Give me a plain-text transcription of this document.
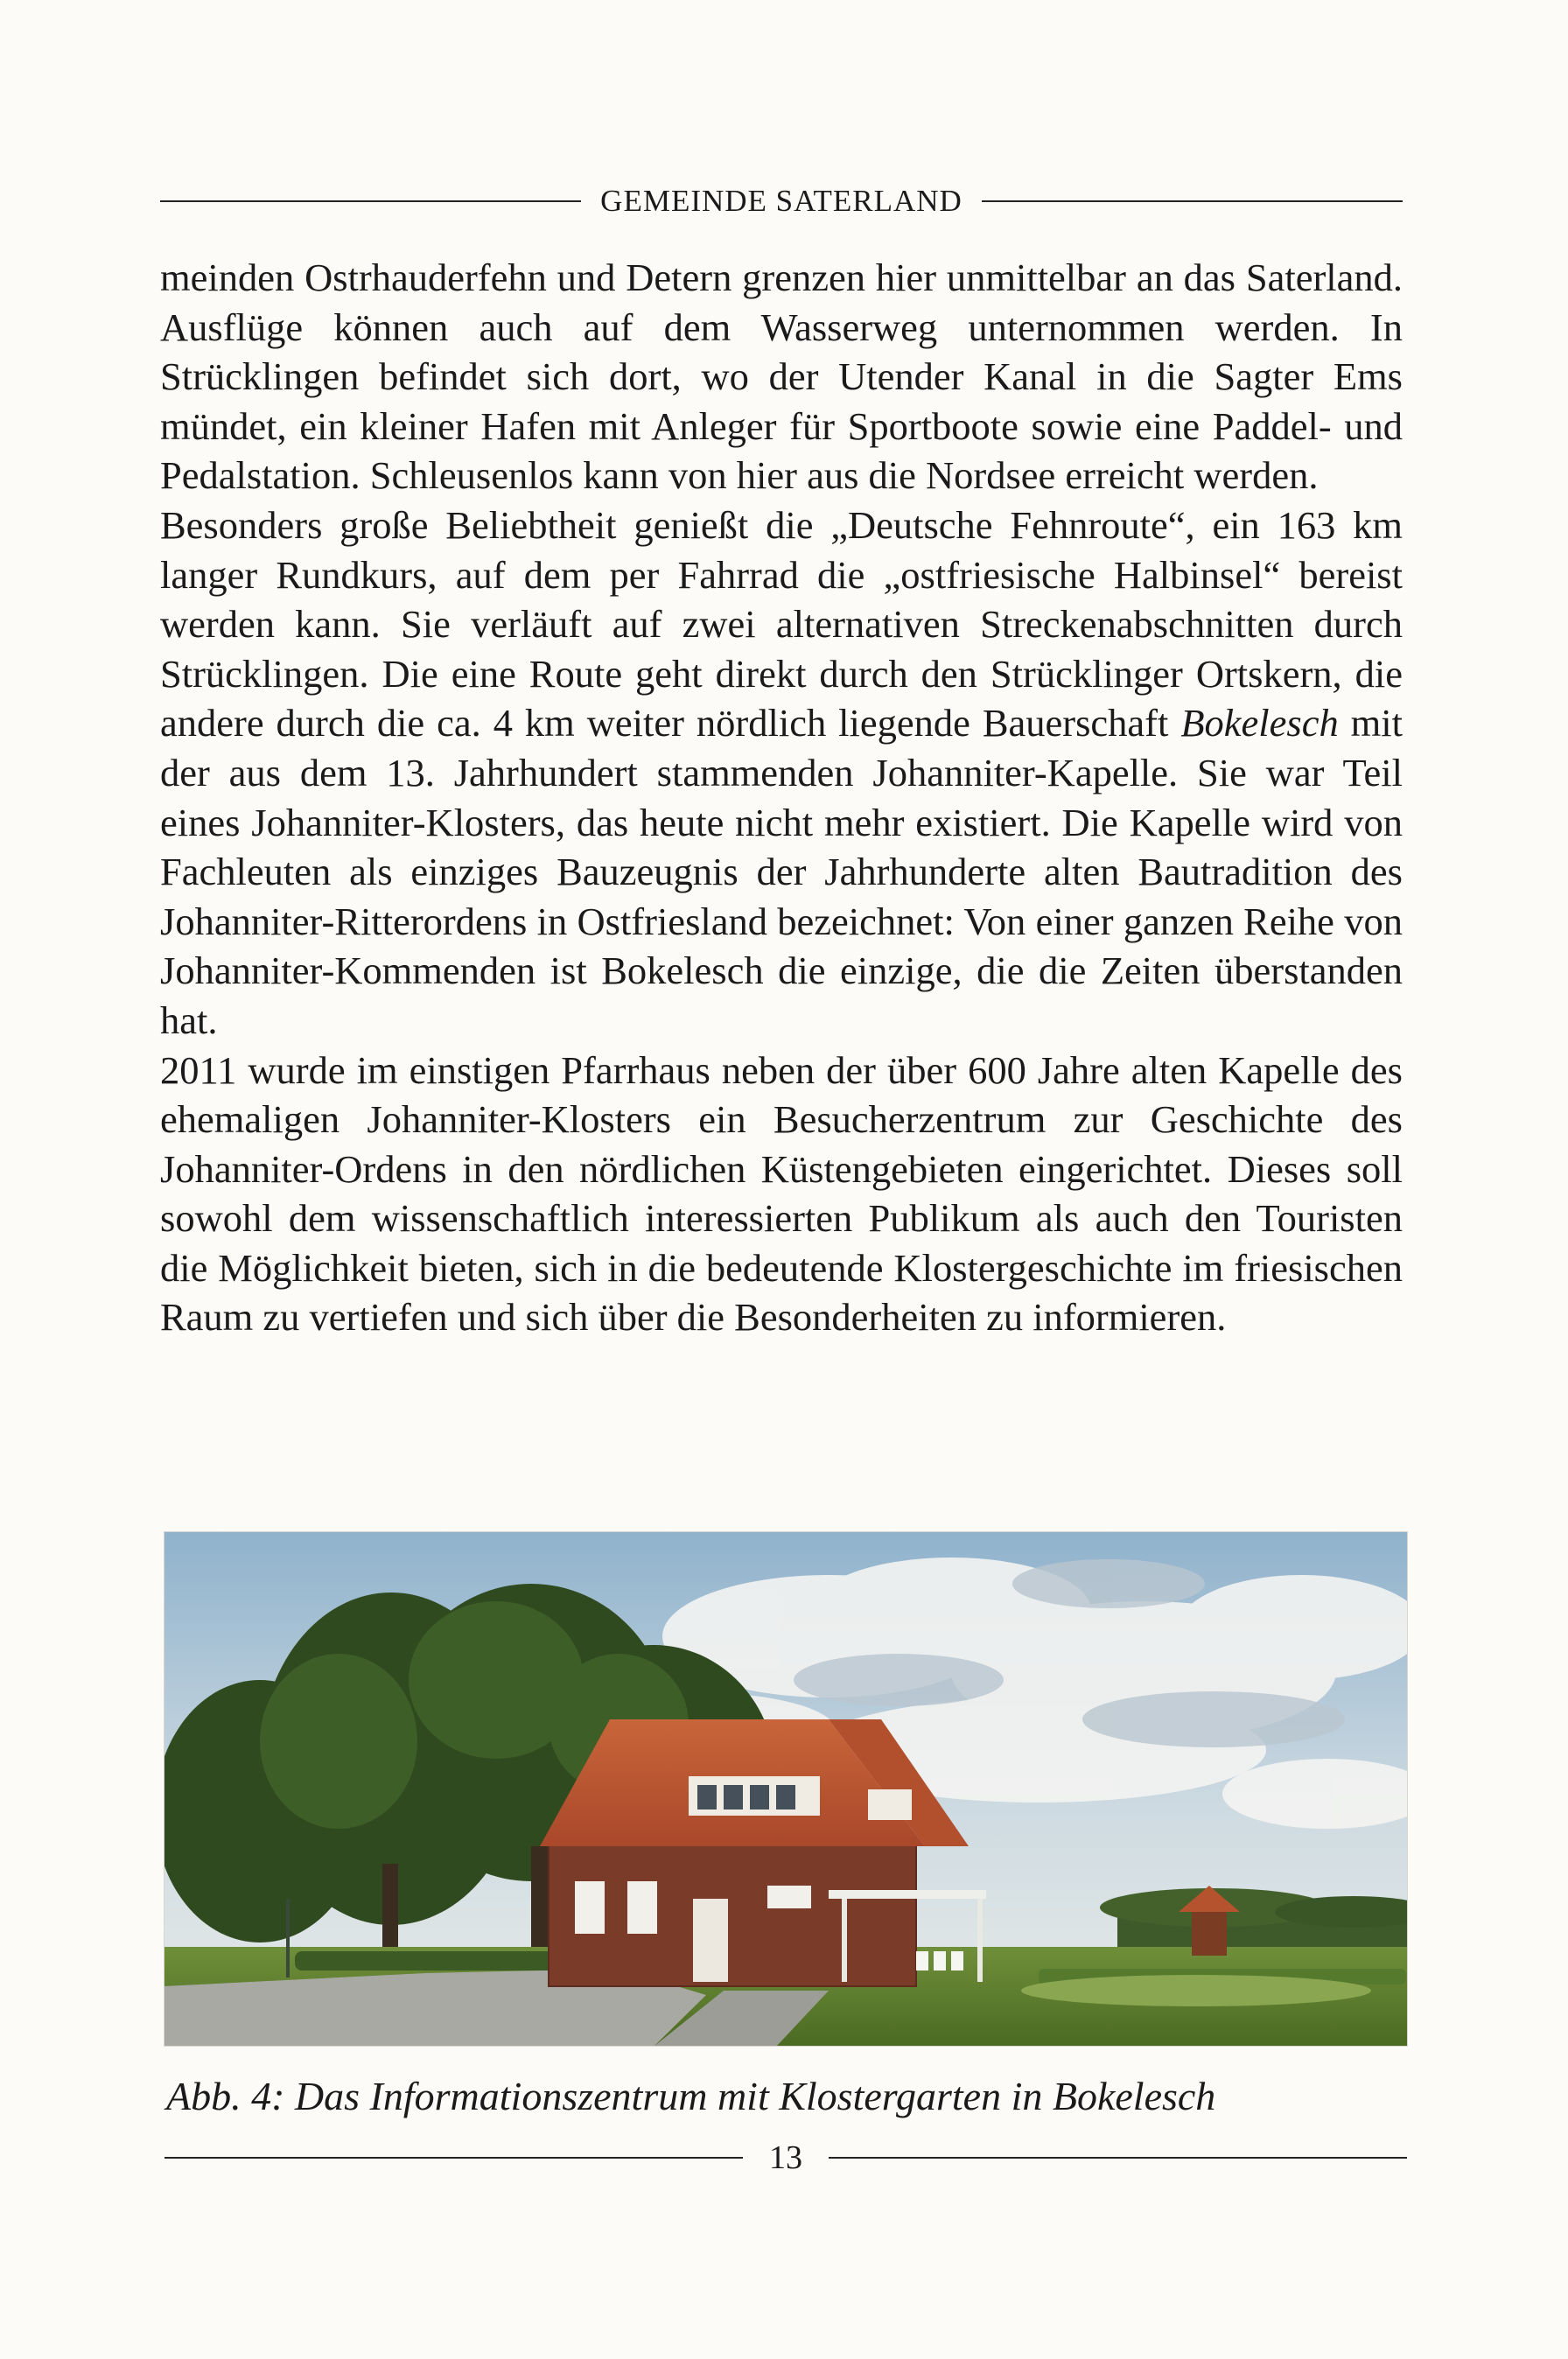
GEMEINDE SATERLAND

meinden Ostrhauderfehn und Detern grenzen hier unmittelbar an das Saterland. Ausflüge können auch auf dem Wasserweg unternommen werden. In Strücklingen befindet sich dort, wo der Utender Kanal in die Sagter Ems mündet, ein kleiner Hafen mit Anleger für Sportboote sowie eine Paddel- und Pedalstation. Schleusenlos kann von hier aus die Nordsee erreicht werden.

Besonders große Beliebtheit genießt die „Deutsche Fehnroute“, ein 163 km langer Rundkurs, auf dem per Fahrrad die „ostfriesische Halbinsel“ bereist werden kann. Sie verläuft auf zwei alternativen Streckenabschnitten durch Strücklingen. Die eine Route geht direkt durch den Strücklinger Ortskern, die andere durch die ca. 4 km weiter nördlich liegende Bauerschaft Bokelesch mit der aus dem 13. Jahrhundert stammenden Johanniter-Kapelle. Sie war Teil eines Johanniter-Klosters, das heute nicht mehr existiert. Die Kapelle wird von Fachleuten als einziges Bauzeugnis der Jahrhunderte alten Bautradition des Johanniter-Ritterordens in Ostfriesland bezeichnet: Von einer ganzen Reihe von Johanniter-Kommenden ist Bokelesch die einzige, die die Zeiten überstanden hat.

2011 wurde im einstigen Pfarrhaus neben der über 600 Jahre alten Kapelle des ehemaligen Johanniter-Klosters ein Besucherzentrum zur Geschichte des Johanniter-Ordens in den nördlichen Küstengebieten eingerichtet. Dieses soll sowohl dem wissenschaftlich interessierten Publikum als auch den Touristen die Möglichkeit bieten, sich in die bedeutende Klostergeschichte im friesischen Raum zu vertiefen und sich über die Besonderheiten zu informieren.

Abb. 4: Das Informationszentrum mit Klostergarten in Bokelesch
13
